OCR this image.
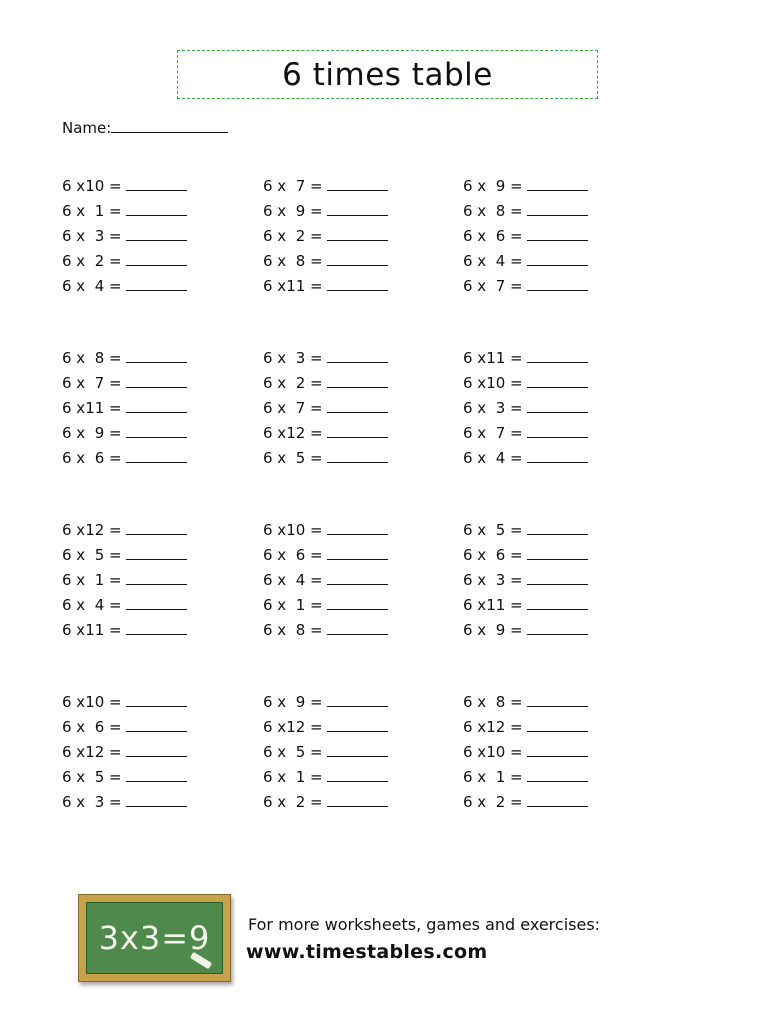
6 times table
Name:
6 x10 =
6 x  1 =
6 x  3 =
6 x  2 =
6 x  4 =
6 x  7 =
6 x  9 =
6 x  2 =
6 x  8 =
6 x11 =
6 x  9 =
6 x  8 =
6 x  6 =
6 x  4 =
6 x  7 =
6 x  8 =
6 x  7 =
6 x11 =
6 x  9 =
6 x  6 =
6 x  3 =
6 x  2 =
6 x  7 =
6 x12 =
6 x  5 =
6 x11 =
6 x10 =
6 x  3 =
6 x  7 =
6 x  4 =
6 x12 =
6 x  5 =
6 x  1 =
6 x  4 =
6 x11 =
6 x10 =
6 x  6 =
6 x  4 =
6 x  1 =
6 x  8 =
6 x  5 =
6 x  6 =
6 x  3 =
6 x11 =
6 x  9 =
6 x10 =
6 x  6 =
6 x12 =
6 x  5 =
6 x  3 =
6 x  9 =
6 x12 =
6 x  5 =
6 x  1 =
6 x  2 =
6 x  8 =
6 x12 =
6 x10 =
6 x  1 =
6 x  2 =
3x3=9 For more worksheets, games and exercises:
www.timestables.com
